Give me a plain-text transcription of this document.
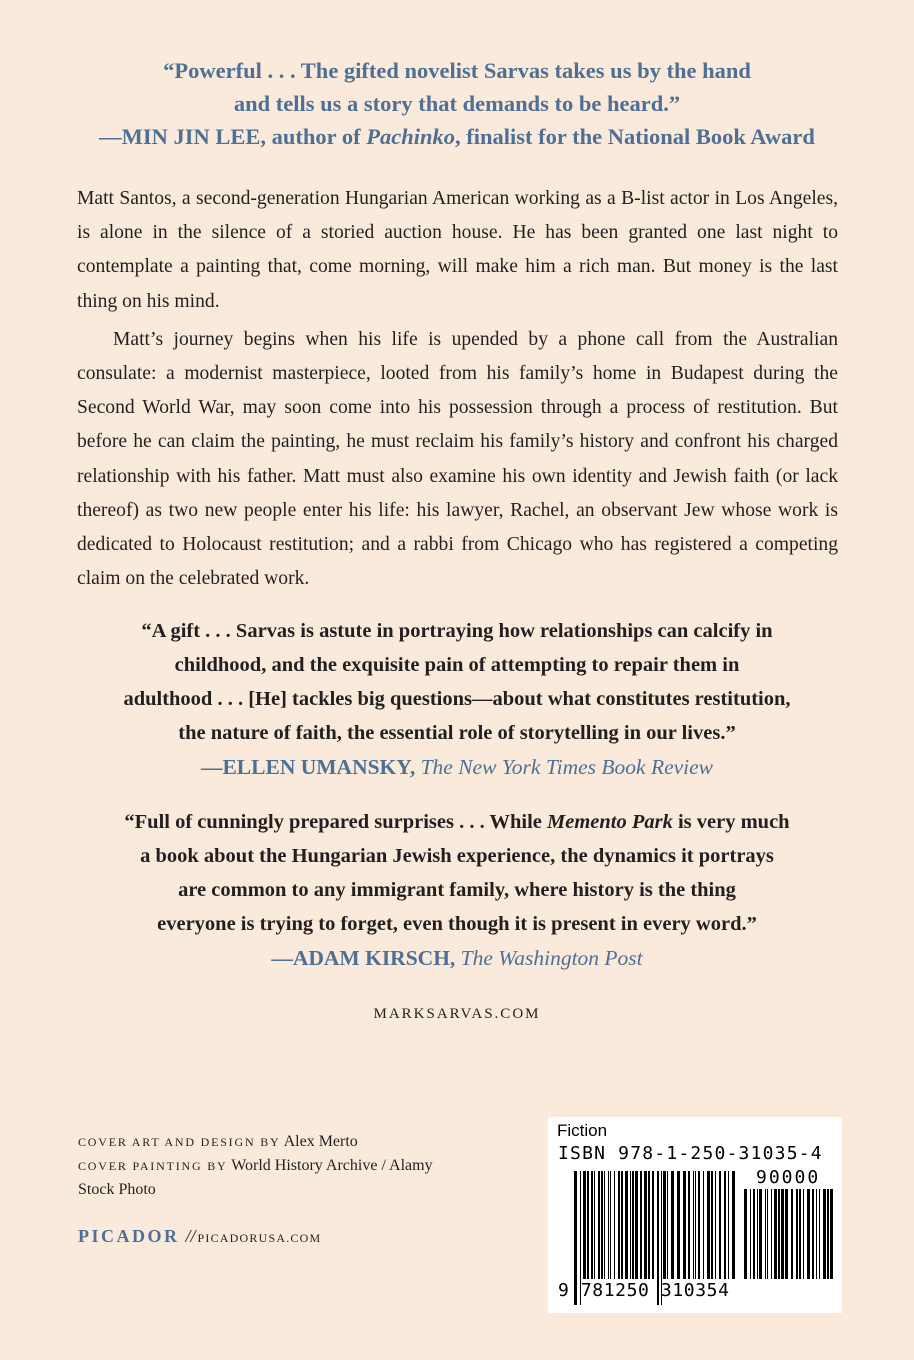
“Powerful . . . The gifted novelist Sarvas takes us by the hand
and tells us a story that demands to be heard.”
—MIN JIN LEE, author of Pachinko, finalist for the National Book Award

Matt Santos, a second-generation Hungarian American working as a B-list actor in Los Angeles, is alone in the silence of a storied auction house. He has been granted one last night to contemplate a painting that, come morning, will make him a rich man. But money is the last thing on his mind.

Matt’s journey begins when his life is upended by a phone call from the Australian consulate: a modernist masterpiece, looted from his family’s home in Budapest during the Second World War, may soon come into his possession through a process of restitution. But before he can claim the painting, he must reclaim his family’s history and confront his charged relationship with his father. Matt must also examine his own identity and Jewish faith (or lack thereof) as two new people enter his life: his lawyer, Rachel, an observant Jew whose work is dedicated to Holocaust restitution; and a rabbi from Chicago who has registered a competing claim on the celebrated work.

“A gift . . . Sarvas is astute in portraying how relationships can calcify in
childhood, and the exquisite pain of attempting to repair them in
adulthood . . . [He] tackles big questions—about what constitutes restitution,
the nature of faith, the essential role of storytelling in our lives.”
—ELLEN UMANSKY, The New York Times Book Review
“Full of cunningly prepared surprises . . . While Memento Park is very much
a book about the Hungarian Jewish experience, the dynamics it portrays
are common to any immigrant family, where history is the thing
everyone is trying to forget, even though it is present in every word.”
—ADAM KIRSCH, The Washington Post
MARKSARVAS.COM
COVER ART AND DESIGN BY Alex Merto
COVER PAINTING BY World History Archive / Alamy
Stock Photo
PICADOR // PICADORUSA.COM
Fiction
ISBN 978-1-250-31035-4
90000
9 781250 310354
